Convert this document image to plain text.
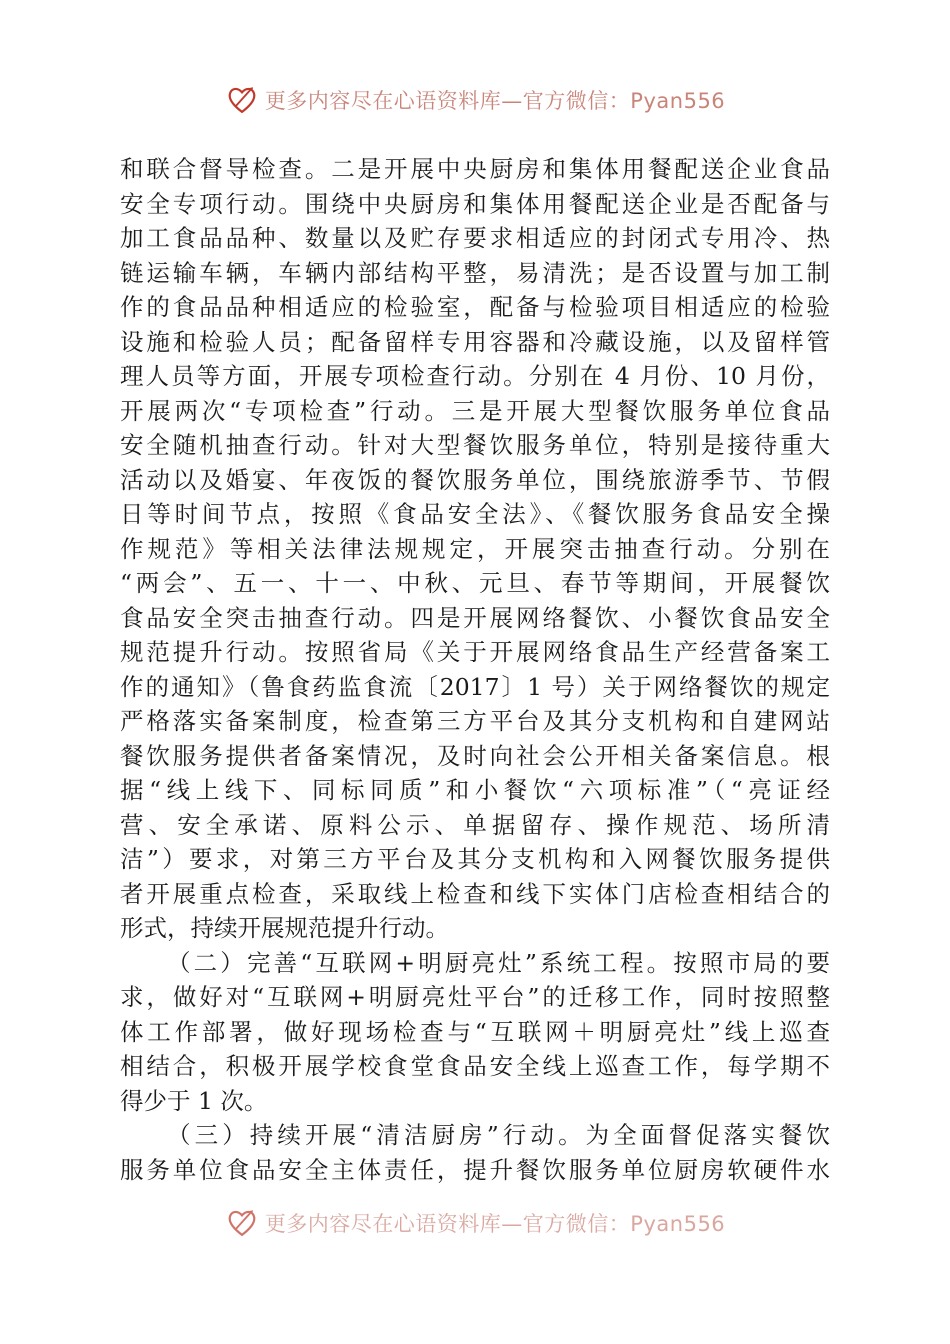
更多内容尽在心语资料库—官方微信：Pyan556
和联合督导检查。二是开展中央厨房和集体用餐配送企业食品
安全专项行动。围绕中央厨房和集体用餐配送企业是否配备与
加工食品品种、数量以及贮存要求相适应的封闭式专用冷、热
链运输车辆，车辆内部结构平整，易清洗；是否设置与加工制
作的食品品种相适应的检验室，配备与检验项目相适应的检验
设施和检验人员；配备留样专用容器和冷藏设施，以及留样管
理人员等方面，开展专项检查行动。分别在 4 月份、10 月份，
开展两次“专项检查”行动。三是开展大型餐饮服务单位食品
安全随机抽查行动。针对大型餐饮服务单位，特别是接待重大
活动以及婚宴、年夜饭的餐饮服务单位，围绕旅游季节、节假
日等时间节点，按照《食品安全法》、《餐饮服务食品安全操
作规范》等相关法律法规规定，开展突击抽查行动。分别在
“两会”、五一、十一、中秋、元旦、春节等期间，开展餐饮
食品安全突击抽查行动。四是开展网络餐饮、小餐饮食品安全
规范提升行动。按照省局《关于开展网络食品生产经营备案工
作的通知》（鲁食药监食流〔2017〕1 号）关于网络餐饮的规定
严格落实备案制度，检查第三方平台及其分支机构和自建网站
餐饮服务提供者备案情况，及时向社会公开相关备案信息。根
据“线上线下、同标同质”和小餐饮“六项标准”（“亮证经
营、安全承诺、原料公示、单据留存、操作规范、场所清
洁”）要求，对第三方平台及其分支机构和入网餐饮服务提供
者开展重点检查，采取线上检查和线下实体门店检查相结合的
形式，持续开展规范提升行动。
（二）完善“互联网+明厨亮灶”系统工程。按照市局的要
求，做好对“互联网+明厨亮灶平台”的迁移工作，同时按照整
体工作部署，做好现场检查与“互联网＋明厨亮灶”线上巡查
相结合，积极开展学校食堂食品安全线上巡查工作，每学期不
得少于 1 次。
（三）持续开展“清洁厨房”行动。为全面督促落实餐饮
服务单位食品安全主体责任，提升餐饮服务单位厨房软硬件水
更多内容尽在心语资料库—官方微信：Pyan556
